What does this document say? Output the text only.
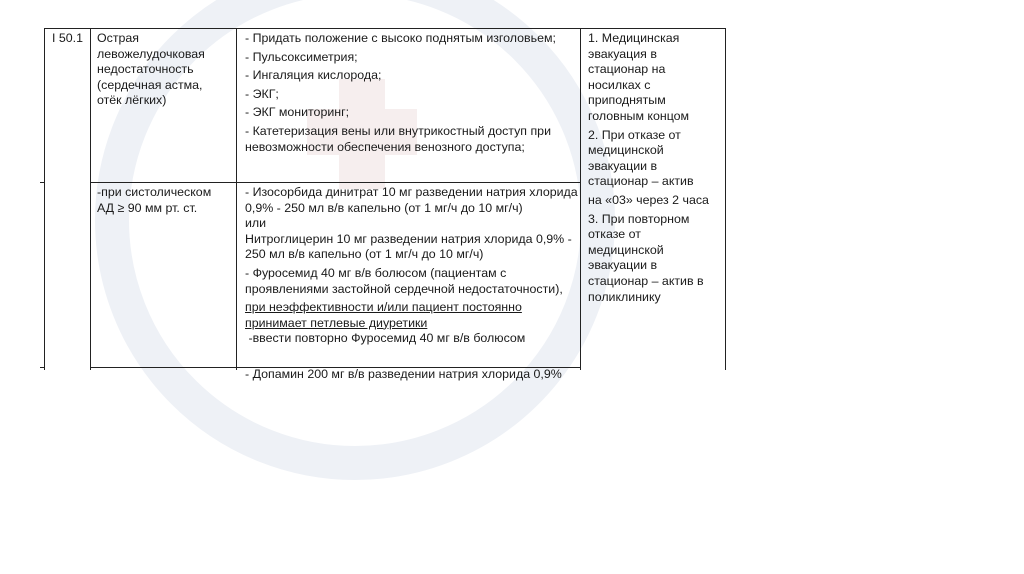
I 50.1	Острая
левожелудочковая
недостаточность
(сердечная астма,
отёк лёгких)

- Придать положение с высоко поднятым изголовьем;

- Пульсоксиметрия;

- Ингаляция кислорода;

- ЭКГ;

- ЭКГ мониторинг;

- Катетеризация вены или внутрикостный доступ при невозможности обеспечения венозного доступа;

-при систолическом
АД ≥ 90 мм рт. ст.
- Изосорбида динитрат 10 мг разведении натрия хлорида 0,9% - 250 мл в/в капельно (от 1 мг/ч до 10 мг/ч)
или

Нитроглицерин 10 мг разведении натрия хлорида 0,9% - 250 мл в/в капельно (от 1 мг/ч до 10 мг/ч)

- Фуросемид 40 мг в/в болюсом (пациентам с проявлениями застойной сердечной недостаточности),

при неэффективности и/или пациент постоянно принимает петлевые диуретики
-ввести повторно Фуросемид 40 мг в/в болюсом
- Допамин 200 мг в/в разведении натрия хлорида 0,9%

1. Медицинская эвакуация в стационар на носилках с приподнятым головным концом

2. При отказе от медицинской эвакуации в стационар – актив

на «03» через 2 часа

3. При повторном отказе от медицинской эвакуации в стационар – актив в поликлинику
